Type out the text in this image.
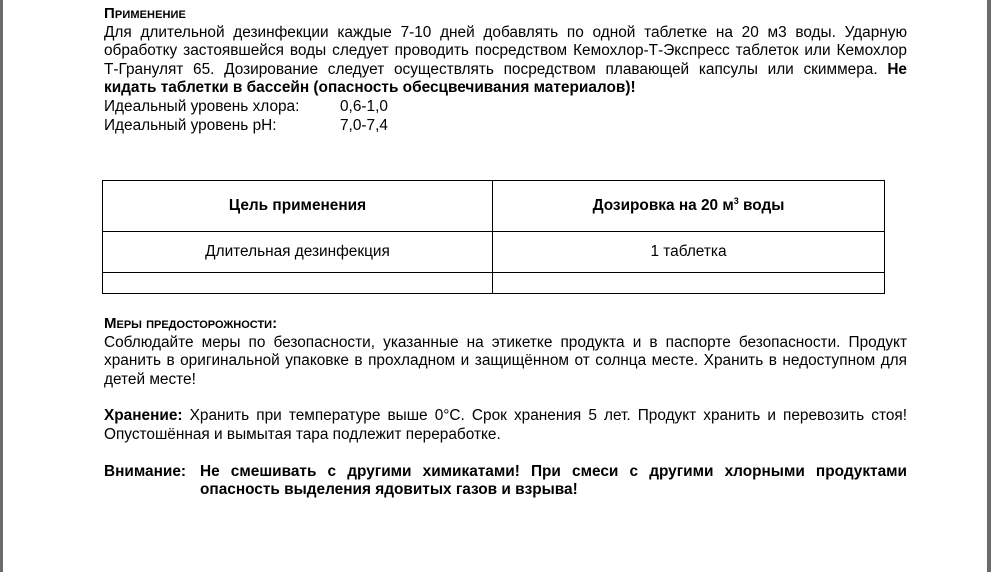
Применение

Для длительной дезинфекции каждые 7-10 дней добавлять по одной таблетке на 20 м3 воды. Ударную обработку застоявшейся воды следует проводить посредством Кемохлор-Т-Экспресс таблеток или Кемохлор Т-Гранулят 65. Дозирование следует осуществлять посредством плавающей капсулы или скиммера. Не кидать таблетки в бассейн (опасность обесцвечивания материалов)!

Идеальный уровень хлора:	0,6-1,0
Идеальный уровень pH:	7,0-7,4
Цель применения	Дозировка на 20 $м^3$ воды
Длительная дезинфекция	1 таблетка

Меры предосторожности:

Соблюдайте меры по безопасности, указанные на этикетке продукта и в паспорте безопасности. Продукт хранить в оригинальной упаковке в прохладном и защищённом от солнца месте. Хранить в недоступном для детей месте!

Хранение: Хранить при температуре выше 0°C. Срок хранения 5 лет. Продукт хранить и перевозить стоя! Опустошённая и вымытая тара подлежит переработке.

Внимание: Не смешивать с другими химикатами! При смеси с другими хлорными продуктами опасность выделения ядовитых газов и взрыва!
